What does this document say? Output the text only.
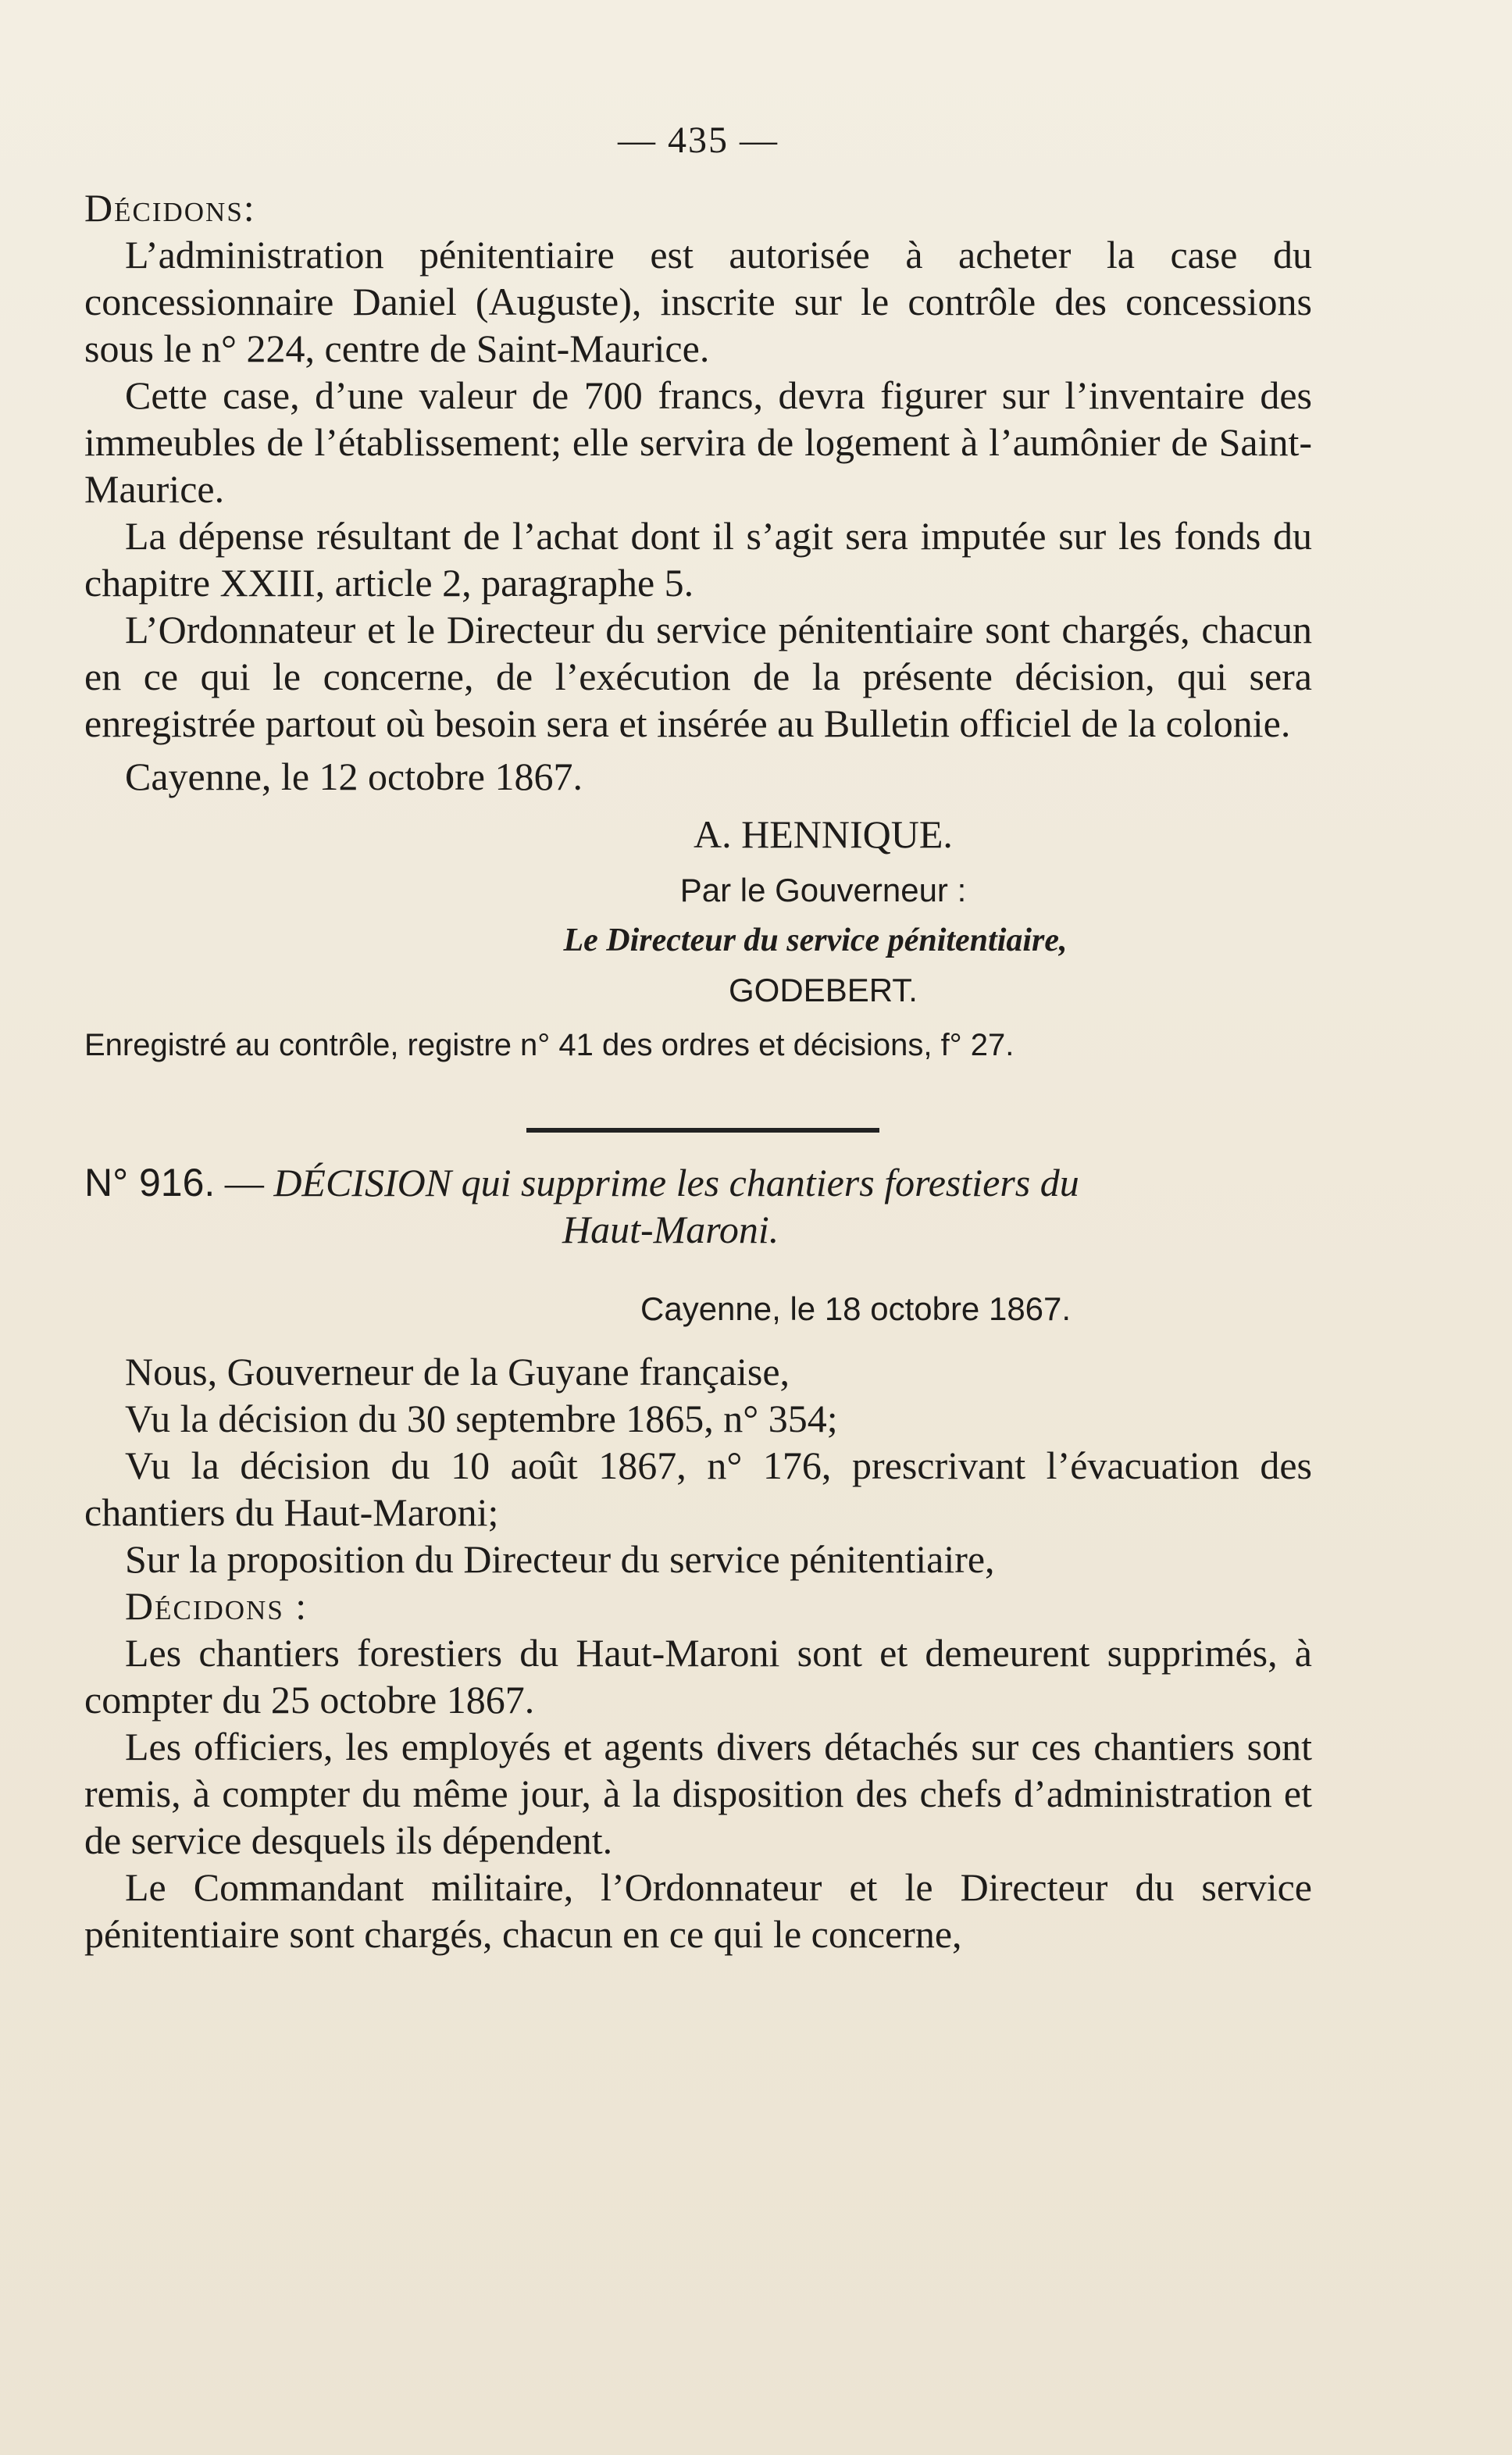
— 435 —

Décidons:

L’administration pénitentiaire est autorisée à acheter la case du concessionnaire Daniel (Auguste), inscrite sur le contrôle des concessions sous le n° 224, centre de Saint-Maurice.

Cette case, d’une valeur de 700 francs, devra figurer sur l’inventaire des immeubles de l’établissement; elle servira de logement à l’aumônier de Saint-Maurice.

La dépense résultant de l’achat dont il s’agit sera imputée sur les fonds du chapitre XXIII, article 2, paragraphe 5.

L’Ordonnateur et le Directeur du service pénitentiaire sont chargés, chacun en ce qui le concerne, de l’exécution de la présente décision, qui sera enregistrée partout où besoin sera et insérée au Bulletin officiel de la colonie.

Cayenne, le 12 octobre 1867.

A. HENNIQUE.
Par le Gouverneur :
Le Directeur du service pénitentiaire,
GODEBERT.
Enregistré au contrôle, registre n° 41 des ordres et décisions, f° 27.

N° 916. — DÉCISION qui supprime les chantiers forestiers du
Haut-Maroni.

Cayenne, le 18 octobre 1867.

Nous, Gouverneur de la Guyane française,

Vu la décision du 30 septembre 1865, n° 354;

Vu la décision du 10 août 1867, n° 176, prescrivant l’évacuation des chantiers du Haut-Maroni;

Sur la proposition du Directeur du service pénitentiaire,

Décidons :

Les chantiers forestiers du Haut-Maroni sont et demeurent supprimés, à compter du 25 octobre 1867.

Les officiers, les employés et agents divers détachés sur ces chantiers sont remis, à compter du même jour, à la disposition des chefs d’administration et de service desquels ils dépendent.

Le Commandant militaire, l’Ordonnateur et le Directeur du service pénitentiaire sont chargés, chacun en ce qui le concerne,
